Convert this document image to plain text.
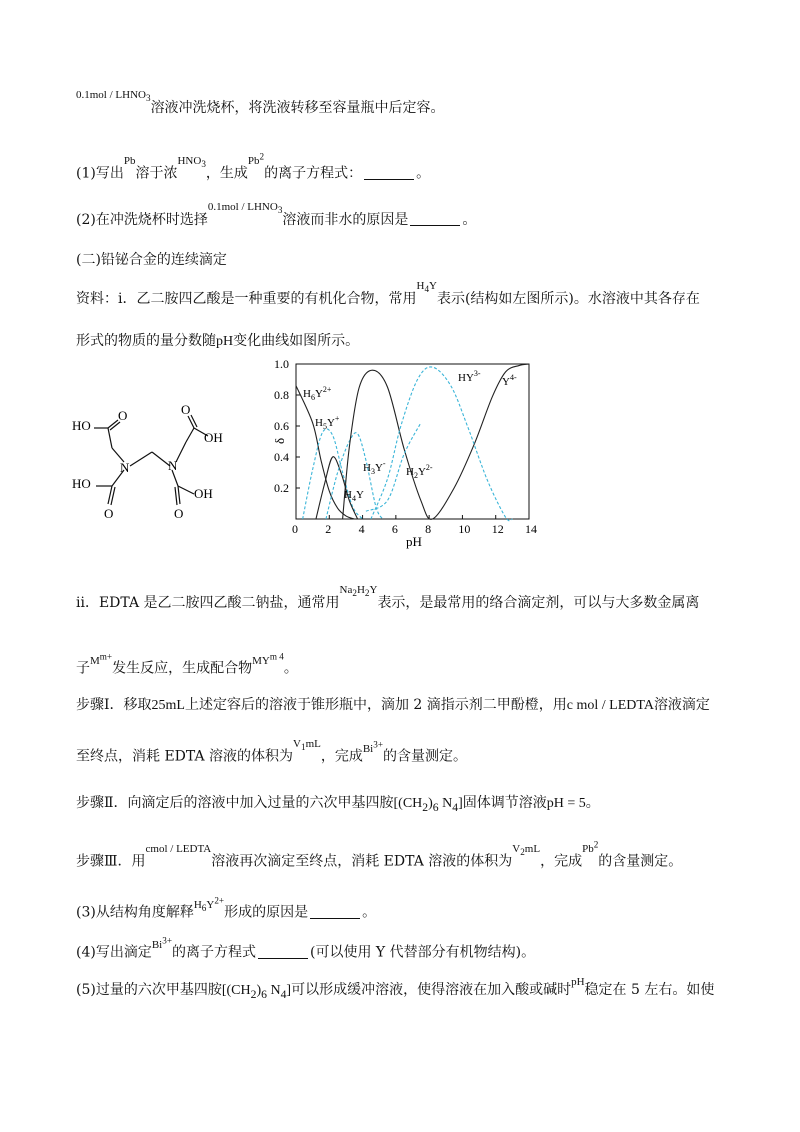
$^{0.1mol / LHNO_3}$溶液冲洗烧杯，将洗液转移至容量瓶中后定容。
(1)写出$^{Pb}$溶于浓$^{HNO_3}$，生成$^{Pb^2}$的离子方程式：	。
(2)在冲洗烧杯时选择$^{0.1mol / LHNO_3}$溶液而非水的原因是	。
(二)铅铋合金的连续滴定
资料：ⅰ．乙二胺四乙酸是一种重要的有机化合物，常用$^{H_4Y}$表示(结构如左图所示)。水溶液中其各存在
形式的物质的量分数随pH变化曲线如图所示。
HO
O
OH
O
N	N
HO
O	O
OH
0 2 4 6 8 10 12 14
0.2
0.4
0.6
0.8
1.0
δ
pH
$H_6Y^{2+}$
$H_5Y^+$
$H_3Y^-$
$H_2Y^{2-}$
$H_4Y$
$HY^{3-}$
$Y^{4-}$
ⅱ．EDTA 是乙二胺四乙酸二钠盐，通常用$^{Na_2H_2Y}$表示，是最常用的络合滴定剂，可以与大多数金属离
子$^{M^{m+}}$发生反应，生成配合物$^{MY^{m 4}}$。
步骤Ⅰ．移取25mL上述定容后的溶液于锥形瓶中，滴加 2 滴指示剂二甲酚橙，用c mol / LEDTA溶液滴定
至终点，消耗 EDTA 溶液的体积为$^{V_1mL}$，完成$^{Bi^{3+}}$的含量测定。
步骤Ⅱ．向滴定后的溶液中加入过量的六次甲基四胺[$(CH_2)_6$ $N_4$]固体调节溶液pH = 5。
步骤Ⅲ．用$^{cmol / LEDTA}$溶液再次滴定至终点，消耗 EDTA 溶液的体积为$^{V_2mL}$，完成$^{Pb^2}$的含量测定。
(3)从结构角度解释$^{H_6Y^{2+}}$形成的原因是	。
(4)写出滴定$^{Bi^{3+}}$的离子方程式	(可以使用 Y 代替部分有机物结构)。
(5)过量的六次甲基四胺[$(CH_2)_6$ $N_4$]可以形成缓冲溶液，使得溶液在加入酸或碱时$^{pH}$稳定在 5 左右。如使
